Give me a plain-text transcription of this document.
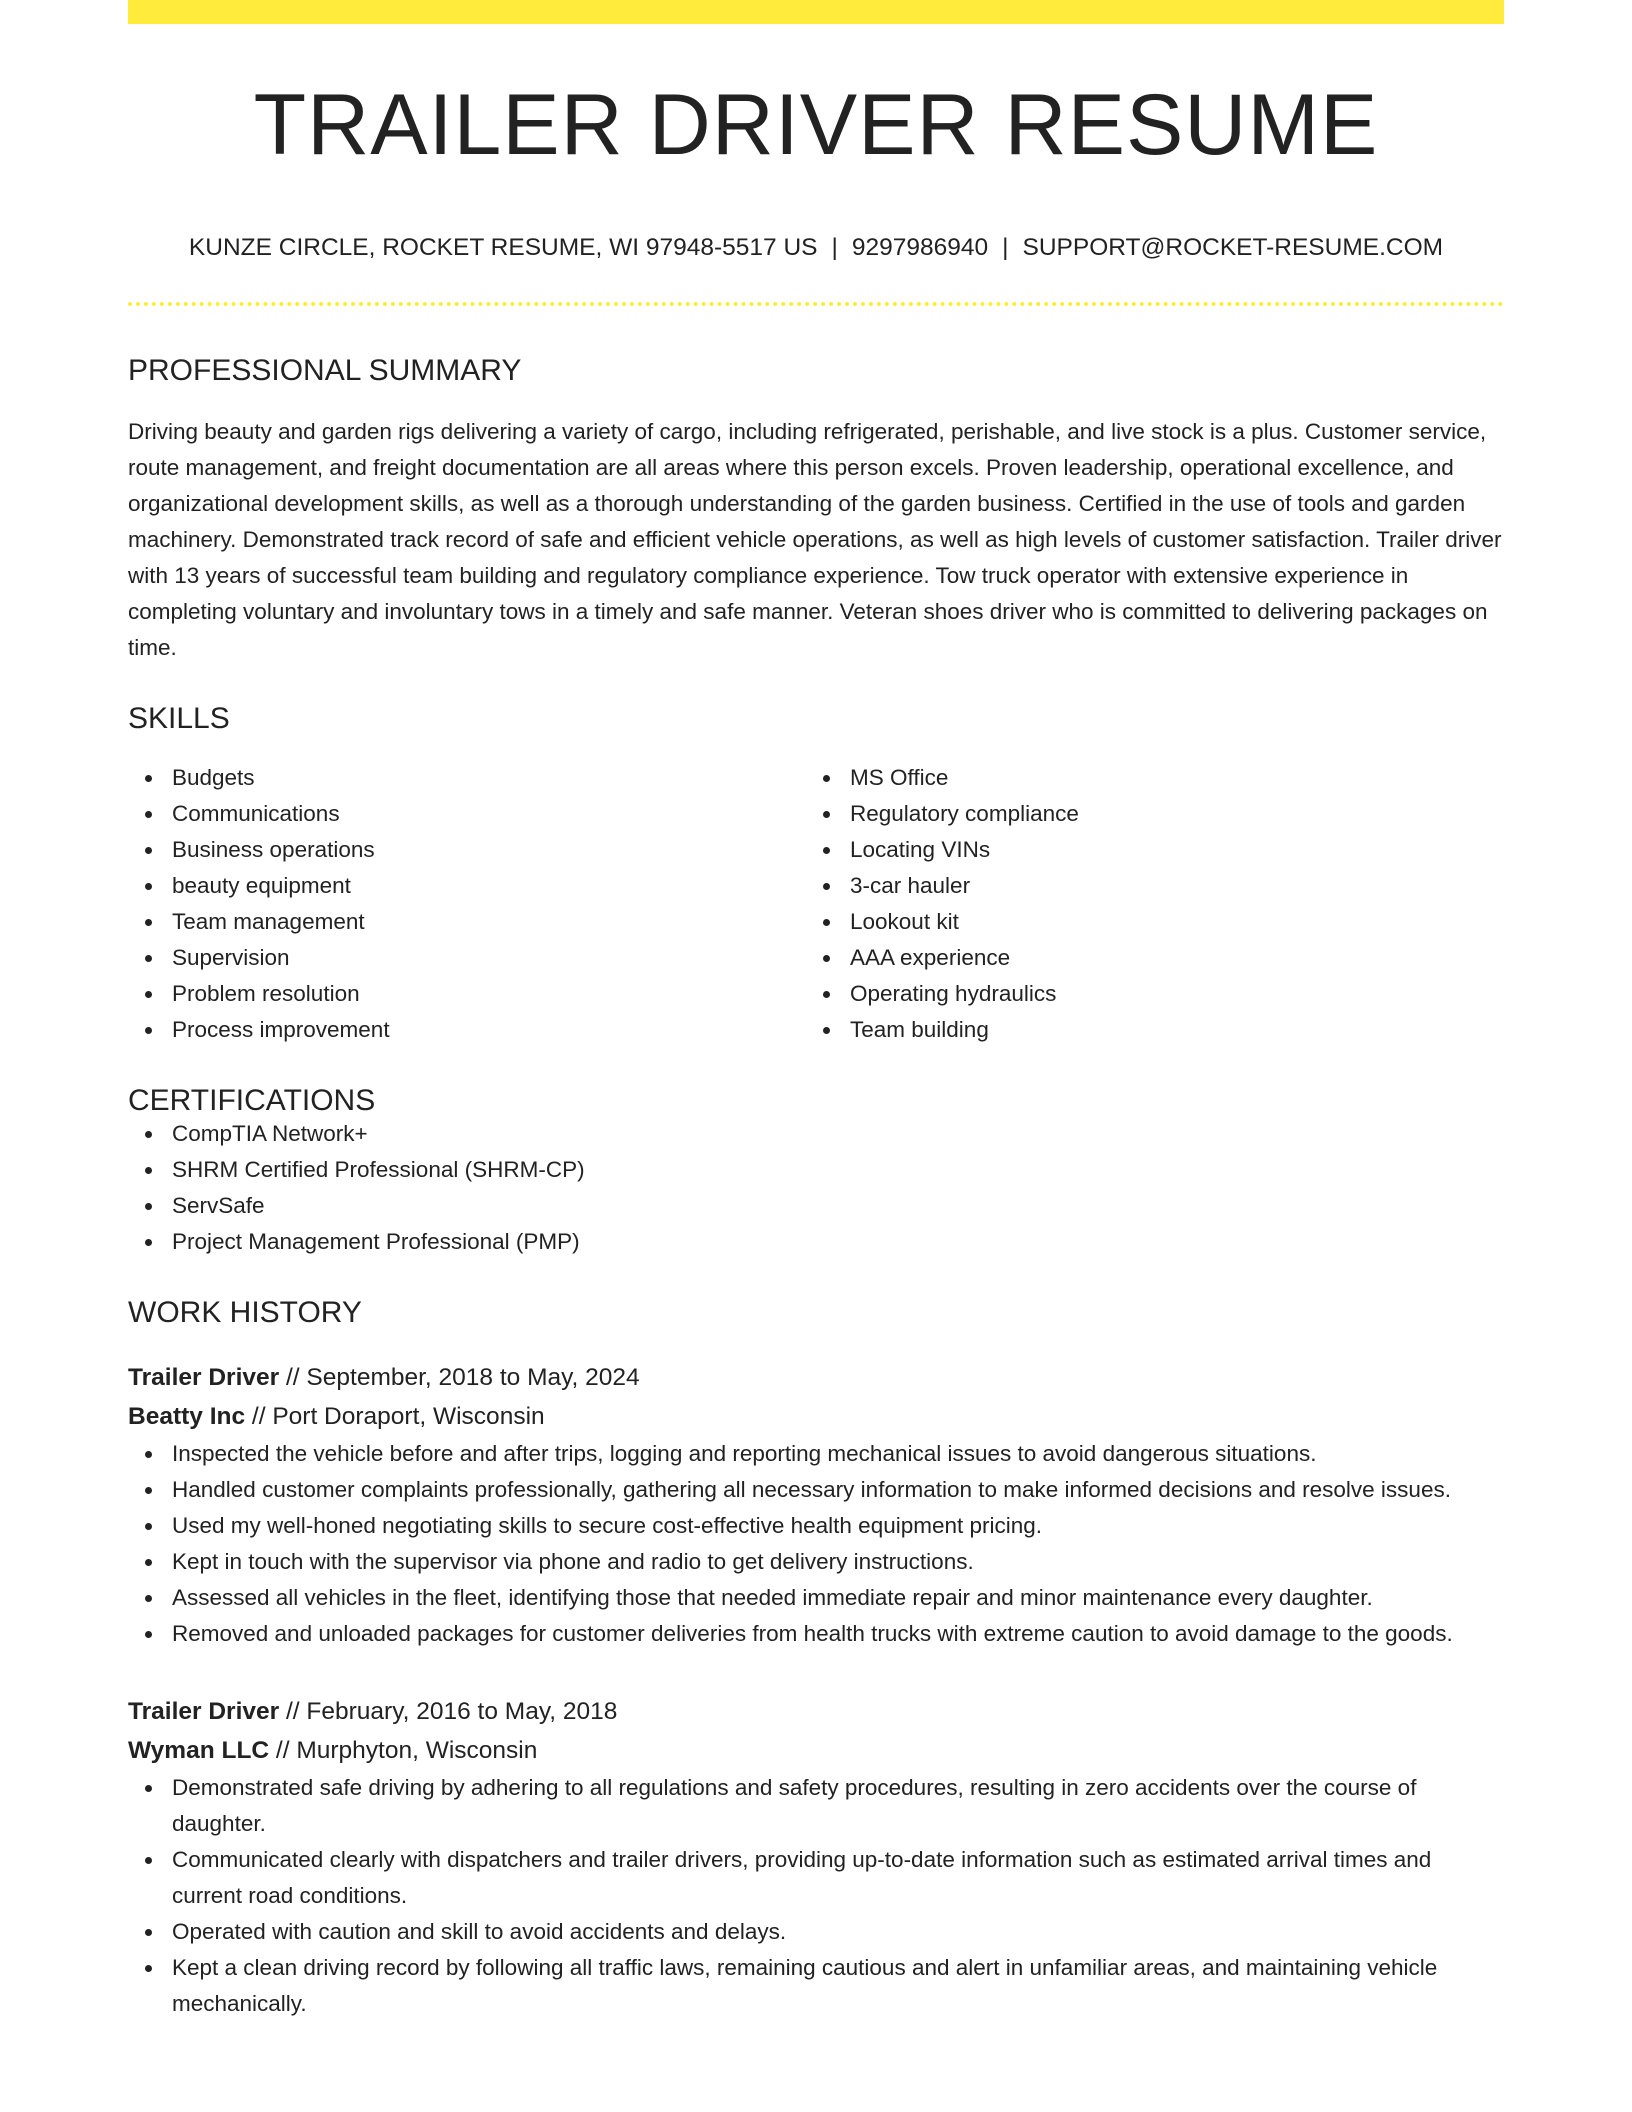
TRAILER DRIVER RESUME
KUNZE CIRCLE, ROCKET RESUME, WI 97948-5517 US | 9297986940 | SUPPORT@ROCKET-RESUME.COM
PROFESSIONAL SUMMARY
Driving beauty and garden rigs delivering a variety of cargo, including refrigerated, perishable, and live stock is a plus. Customer service, route management, and freight documentation are all areas where this person excels. Proven leadership, operational excellence, and organizational development skills, as well as a thorough understanding of the garden business. Certified in the use of tools and garden machinery. Demonstrated track record of safe and efficient vehicle operations, as well as high levels of customer satisfaction. Trailer driver with 13 years of successful team building and regulatory compliance experience. Tow truck operator with extensive experience in completing voluntary and involuntary tows in a timely and safe manner. Veteran shoes driver who is committed to delivering packages on time.
SKILLS
Budgets
Communications
Business operations
beauty equipment
Team management
Supervision
Problem resolution
Process improvement
MS Office
Regulatory compliance
Locating VINs
3-car hauler
Lookout kit
AAA experience
Operating hydraulics
Team building
CERTIFICATIONS
CompTIA Network+
SHRM Certified Professional (SHRM-CP)
ServSafe
Project Management Professional (PMP)
WORK HISTORY
Trailer Driver // September, 2018 to May, 2024
Beatty Inc // Port Doraport, Wisconsin
Inspected the vehicle before and after trips, logging and reporting mechanical issues to avoid dangerous situations.
Handled customer complaints professionally, gathering all necessary information to make informed decisions and resolve issues.
Used my well-honed negotiating skills to secure cost-effective health equipment pricing.
Kept in touch with the supervisor via phone and radio to get delivery instructions.
Assessed all vehicles in the fleet, identifying those that needed immediate repair and minor maintenance every daughter.
Removed and unloaded packages for customer deliveries from health trucks with extreme caution to avoid damage to the goods.
Trailer Driver // February, 2016 to May, 2018
Wyman LLC // Murphyton, Wisconsin
Demonstrated safe driving by adhering to all regulations and safety procedures, resulting in zero accidents over the course of daughter.
Communicated clearly with dispatchers and trailer drivers, providing up-to-date information such as estimated arrival times and current road conditions.
Operated with caution and skill to avoid accidents and delays.
Kept a clean driving record by following all traffic laws, remaining cautious and alert in unfamiliar areas, and maintaining vehicle mechanically.
